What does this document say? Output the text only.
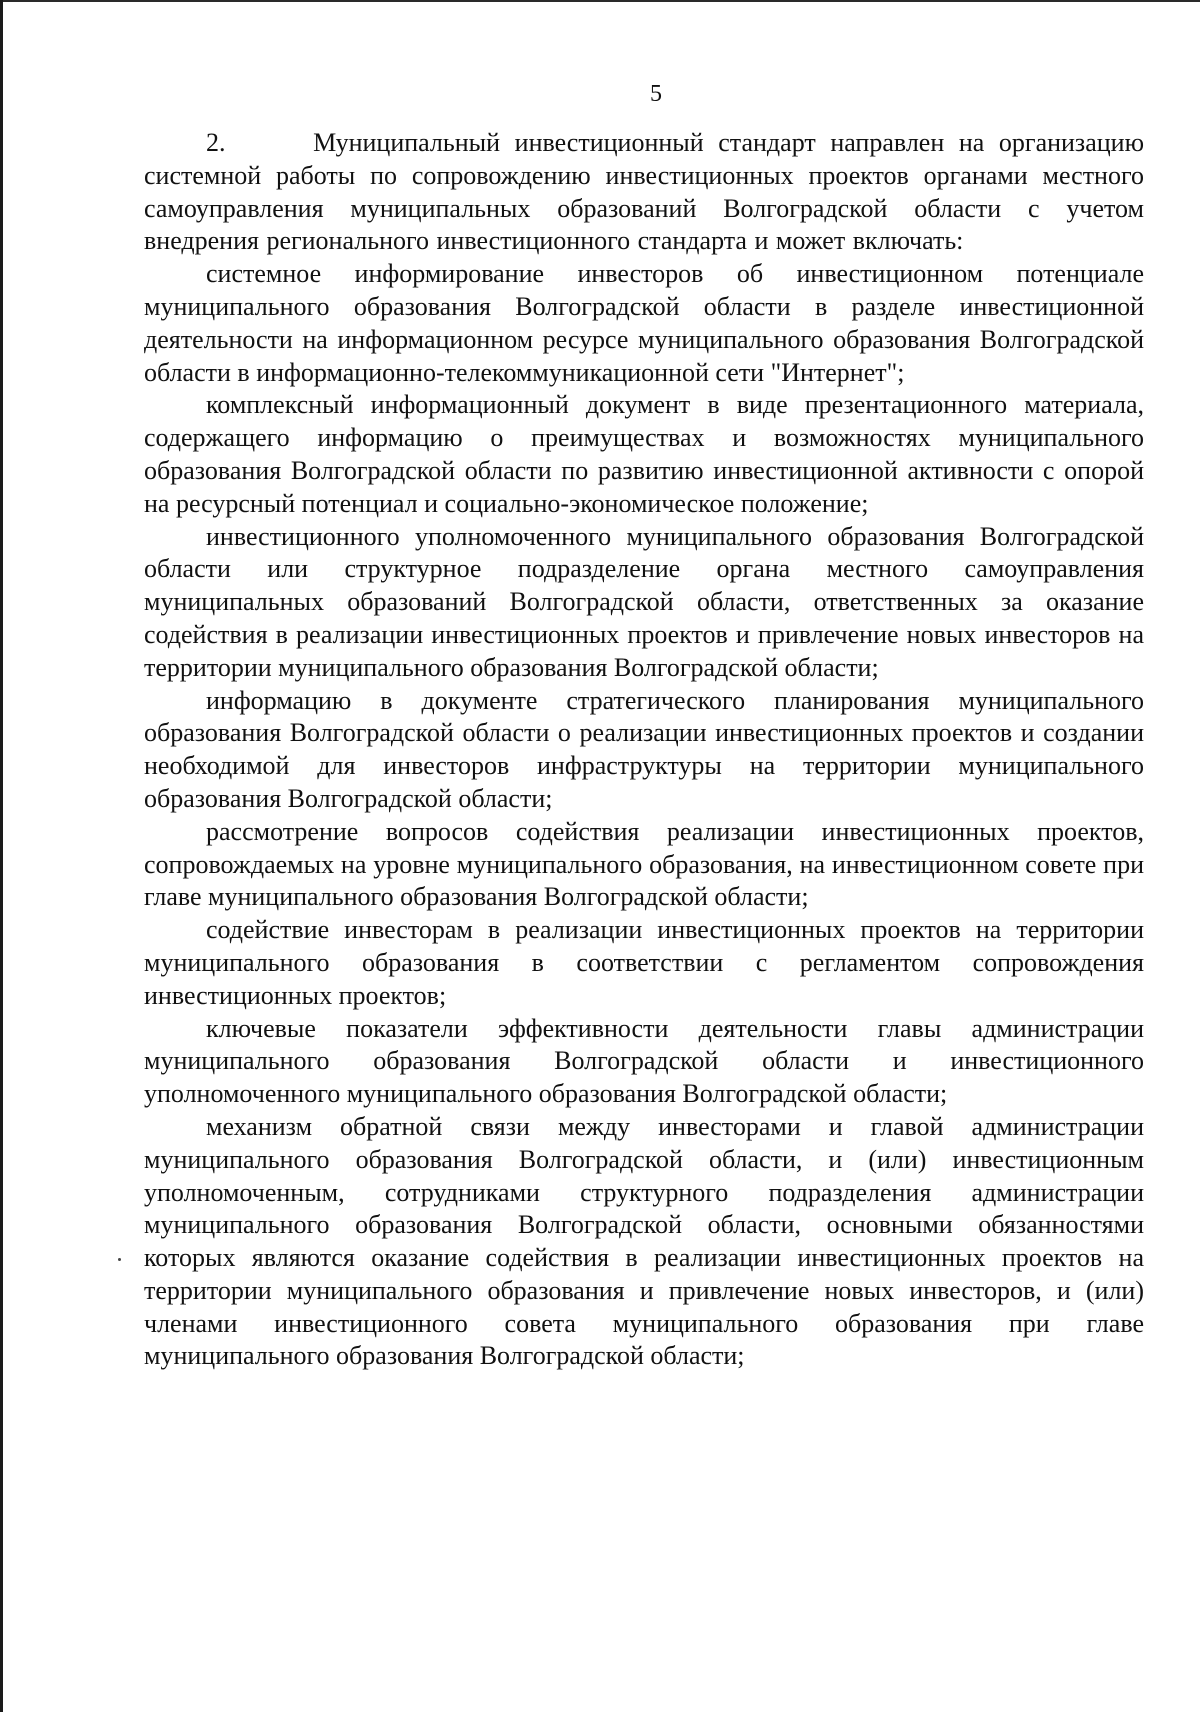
5

2.      Муниципальный инвестиционный стандарт направлен на организацию системной работы по сопровождению инвестиционных проектов органами местного самоуправления муниципальных образований Волгоградской области с учетом внедрения регионального инвестиционного стандарта и может включать:

системное информирование инвесторов об инвестиционном потенциале муниципального образования Волгоградской области в разделе инвестиционной деятельности на информационном ресурсе муниципального образования Волгоградской области в информационно-телекоммуникационной сети "Интернет";

комплексный информационный документ в виде презентационного материала, содержащего информацию о преимуществах и возможностях муниципального образования Волгоградской области по развитию инвестиционной активности с опорой на ресурсный потенциал и социально-экономическое положение;

инвестиционного уполномоченного муниципального образования Волгоградской области или структурное подразделение органа местного самоуправления муниципальных образований Волгоградской области, ответственных за оказание содействия в реализации инвестиционных проектов и привлечение новых инвесторов на территории муниципального образования Волгоградской области;

информацию в документе стратегического планирования муниципального образования Волгоградской области о реализации инвестиционных проектов и создании необходимой для инвесторов инфраструктуры на территории муниципального образования Волгоградской области;

рассмотрение вопросов содействия реализации инвестиционных проектов, сопровождаемых на уровне муниципального образования, на инвестиционном совете при главе муниципального образования Волгоградской области;

содействие инвесторам в реализации инвестиционных проектов на территории муниципального образования в соответствии с регламентом сопровождения инвестиционных проектов;

ключевые показатели эффективности деятельности главы администрации муниципального образования Волгоградской области и инвестиционного уполномоченного муниципального образования Волгоградской области;

механизм обратной связи между инвесторами и главой администрации муниципального образования Волгоградской области, и (или) инвестиционным уполномоченным, сотрудниками структурного подразделения администрации муниципального образования Волгоградской области, основными обязанностями которых являются оказание содействия в реализации инвестиционных проектов на территории муниципального образования и привлечение новых инвесторов, и (или) членами инвестиционного совета муниципального образования при главе муниципального образования Волгоградской области;
